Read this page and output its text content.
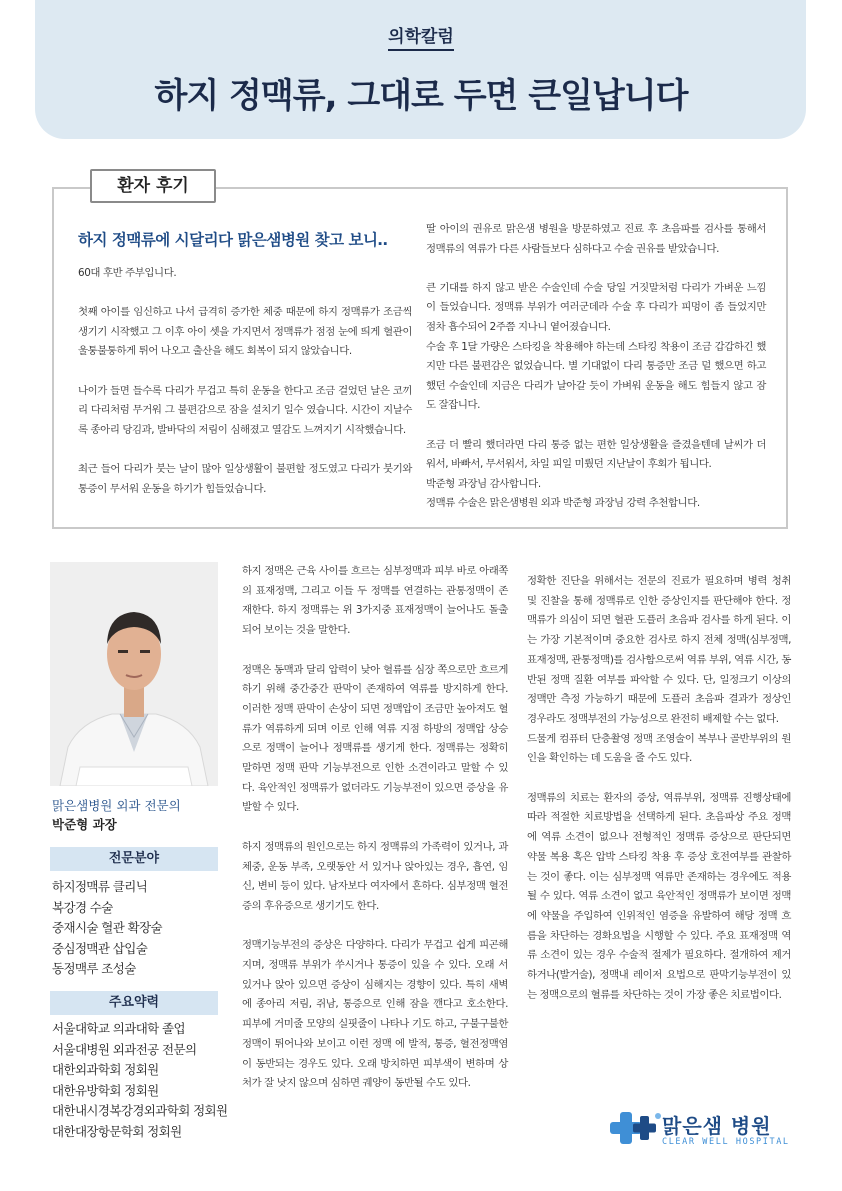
의학칼럼
하지 정맥류, 그대로 두면 큰일납니다
환자 후기
하지 정맥류에 시달리다 맑은샘병원 찾고 보니‥

60대 후반 주부입니다.

첫째 아이를 임신하고 나서 급격히 증가한 체중 때문에 하지 정맥류가 조금씩 생기기 시작했고 그 이후 아이 셋을 가지면서 정맥류가 점점 눈에 띄게 혈관이 울퉁불퉁하게 튀어 나오고 출산을 해도 회복이 되지 않았습니다.

나이가 들면 들수록 다리가 무겁고 특히 운동을 한다고 조금 걸었던 날은 코끼리 다리처럼 무거워 그 불편감으로 잠을 설치기 일수 였습니다. 시간이 지날수록 종아리 당김과, 발바닥의 저림이 심해졌고 열감도 느껴지기 시작했습니다.

최근 들어 다리가 붓는 날이 많아 일상생활이 불편할 정도였고 다리가 붓기와 통증이 무서워 운동을 하기가 힘들었습니다.

딸 아이의 권유로 맑은샘 병원을 방문하였고 진료 후 초음파를 검사를 통해서 정맥류의 역류가 다른 사람들보다 심하다고 수술 권유를 받았습니다.

큰 기대를 하지 않고 받은 수술인데 수술 당일 거짓말처럼 다리가 가벼운 느낌이 들었습니다. 정맥류 부위가 여러군데라 수술 후 다리가 피멍이 좀 들었지만 점차 흡수되어 2주쯤 지나니 옅어졌습니다.
수술 후 1달 가량은 스타킹을 착용해야 하는데 스타킹 착용이 조금 갑갑하긴 했지만 다른 불편감은 없었습니다. 별 기대없이 다리 통증만 조금 덜 했으면 하고 했던 수술인데 지금은 다리가 날아갈 듯이 가벼워 운동을 해도 힘들지 않고 잠도 잘잡니다.

조금 더 빨리 했더라면 다리 통증 없는 편한 일상생활을 즐겼을텐데 날씨가 더워서, 바빠서, 무서워서, 차일 피일 미뤘던 지난날이 후회가 됩니다.
박준형 과장님 감사합니다.
정맥류 수술은 맑은샘병원 외과 박준형 과장님 강력 추천합니다.

맑은샘병원 외과 전문의
박준형 과장
전문분야
하지정맥류 클리닉
복강경 수술
중재시술 혈관 확장술
중심정맥관 삽입술
동정맥루 조성술
주요약력
서울대학교 의과대학 졸업
서울대병원 외과전공 전문의
대한외과학회 정회원
대한유방학회 정회원
대한내시경복강경외과학회 정회원
대한대장항문학회 정회원

하지 정맥은 근육 사이를 흐르는 심부정맥과 피부 바로 아래쪽의 표재정맥, 그리고 이들 두 정맥를 연결하는 관통정맥이 존재한다. 하지 정맥류는 위 3가지중 표재정맥이 늘어나도 돌출되어 보이는 것을 말한다.

정맥은 동맥과 달리 압력이 낮아 혈류를 심장 쪽으로만 흐르게 하기 위해 중간중간 판막이 존재하여 역류를 방지하게 한다. 이러한 정맥 판막이 손상이 되면 정맥압이 조금만 높아져도 혈류가 역류하게 되며 이로 인해 역류 지점 하방의 정맥압 상승으로 정맥이 늘어나 정맥류를 생기게 한다. 정맥류는 정확히 말하면 정맥 판막 기능부전으로 인한 소견이라고 말할 수 있다. 육안적인 정맥류가 없더라도 기능부전이 있으면 증상을 유발할 수 있다.

하지 정맥류의 원인으로는 하지 정맥류의 가족력이 있거나, 과체중, 운동 부족, 오랫동안 서 있거나 앉아있는 경우, 흡연, 임신, 변비 등이 있다. 남자보다 여자에서 흔하다. 심부정맥 혈전증의 후유증으로 생기기도 한다.

정맥기능부전의 증상은 다양하다. 다리가 무겁고 쉽게 피곤해지며, 정맥류 부위가 쑤시거나 통증이 있을 수 있다. 오래 서 있거나 앉아 있으면 증상이 심해지는 경향이 있다. 특히 새벽에 종아리 저림, 쥐남, 통증으로 인해 잠을 깬다고 호소한다. 피부에 거미줄 모양의 실핏줄이 나타나 기도 하고, 구불구불한 정맥이 튀어나와 보이고 이런 정맥 에 발적, 통증, 혈전정맥염이 동반되는 경우도 있다. 오래 방치하면 피부색이 변하며 상처가 잘 낫지 않으며 심하면 궤양이 동반될 수도 있다.

정확한 진단을 위해서는 전문의 진료가 필요하며 병력 청취 및 진찰을 통해 정맥류로 인한 증상인지를 판단해야 한다. 정맥류가 의심이 되면 혈관 도플러 초음파 검사를 하게 된다. 이는 가장 기본적이며 중요한 검사로 하지 전체 정맥(심부정맥, 표재정맥, 관통정맥)를 검사함으로써 역류 부위, 역류 시간, 동반된 정맥 질환 여부를 파악할 수 있다. 단, 일정크기 이상의 정맥만 측정 가능하기 때문에 도플러 초음파 결과가 정상인 경우라도 정맥부전의 가능성으로 완전히 배제할 수는 없다.
드물게 컴퓨터 단층촬영 정맥 조영술이 복부나 골반부위의 원인을 확인하는 데 도움을 줄 수도 있다.

정맥류의 치료는 환자의 증상, 역류부위, 정맥류 진행상태에 따라 적절한 치료방법을 선택하게 된다. 초음파상 주요 정맥에 역류 소견이 없으나 전형적인 정맥류 증상으로 판단되면 약물 복용 혹은 압박 스타킹 착용 후 증상 호전여부를 관찰하는 것이 좋다. 이는 심부정맥 역류만 존재하는 경우에도 적용될 수 있다. 역류 소견이 없고 육안적인 정맥류가 보이면 정맥에 약물을 주입하여 인위적인 염증을 유발하여 해당 정맥 흐름을 차단하는 경화요법을 시행할 수 있다. 주요 표재정맥 역류 소견이 있는 경우 수술적 절제가 필요하다. 절개하여 제거하거나(발거술), 정맥내 레이저 요법으로 판막기능부전이 있는 정맥으로의 혈류를 차단하는 것이 가장 좋은 치료법이다.

맑은샘 병원
CLEAR WELL HOSPITAL
